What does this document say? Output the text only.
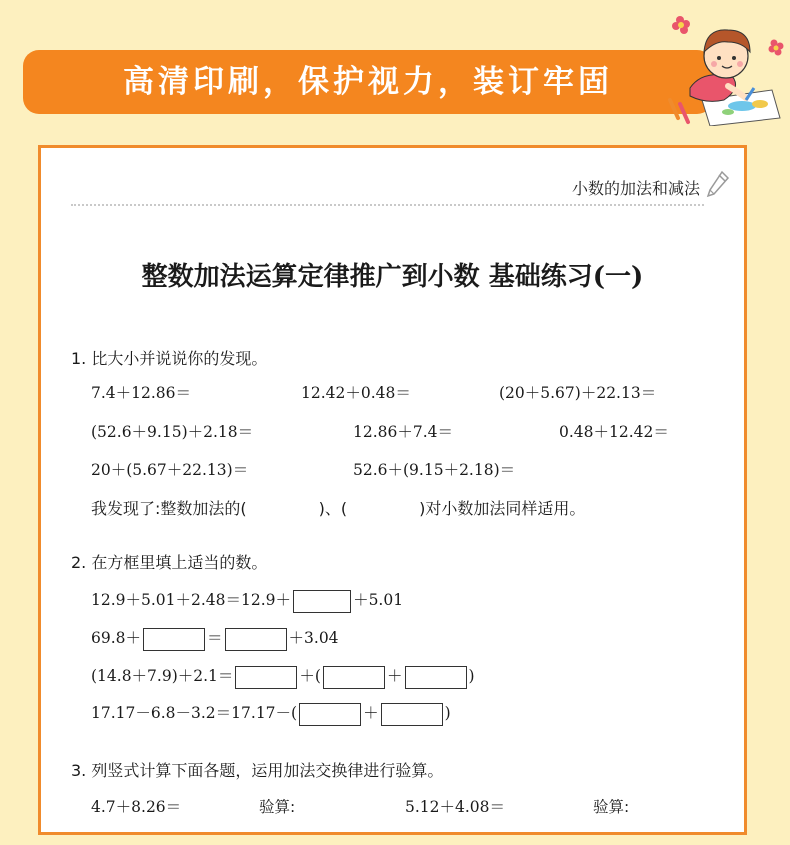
高清印刷，保护视力，装订牢固
小数的加法和减法
整数加法运算定律推广到小数 基础练习(一)
1. 比大小并说说你的发现。
7.4＋12.86＝	12.42＋0.48＝	(20＋5.67)＋22.13＝
(52.6＋9.15)＋2.18＝	12.86＋7.4＝	0.48＋12.42＝
20＋(5.67＋22.13)＝	52.6＋(9.15＋2.18)＝
我发现了:整数加法的(	)、(	)对小数加法同样适用。
2. 在方框里填上适当的数。
12.9＋5.01＋2.48＝12.9＋	＋5.01
69.8＋	＝	＋3.04
(14.8＋7.9)＋2.1＝	＋(	＋	)
17.17－6.8－3.2＝17.17－(	＋	)
3. 列竖式计算下面各题，运用加法交换律进行验算。
4.7＋8.26＝	验算:	5.12＋4.08＝	验算:
